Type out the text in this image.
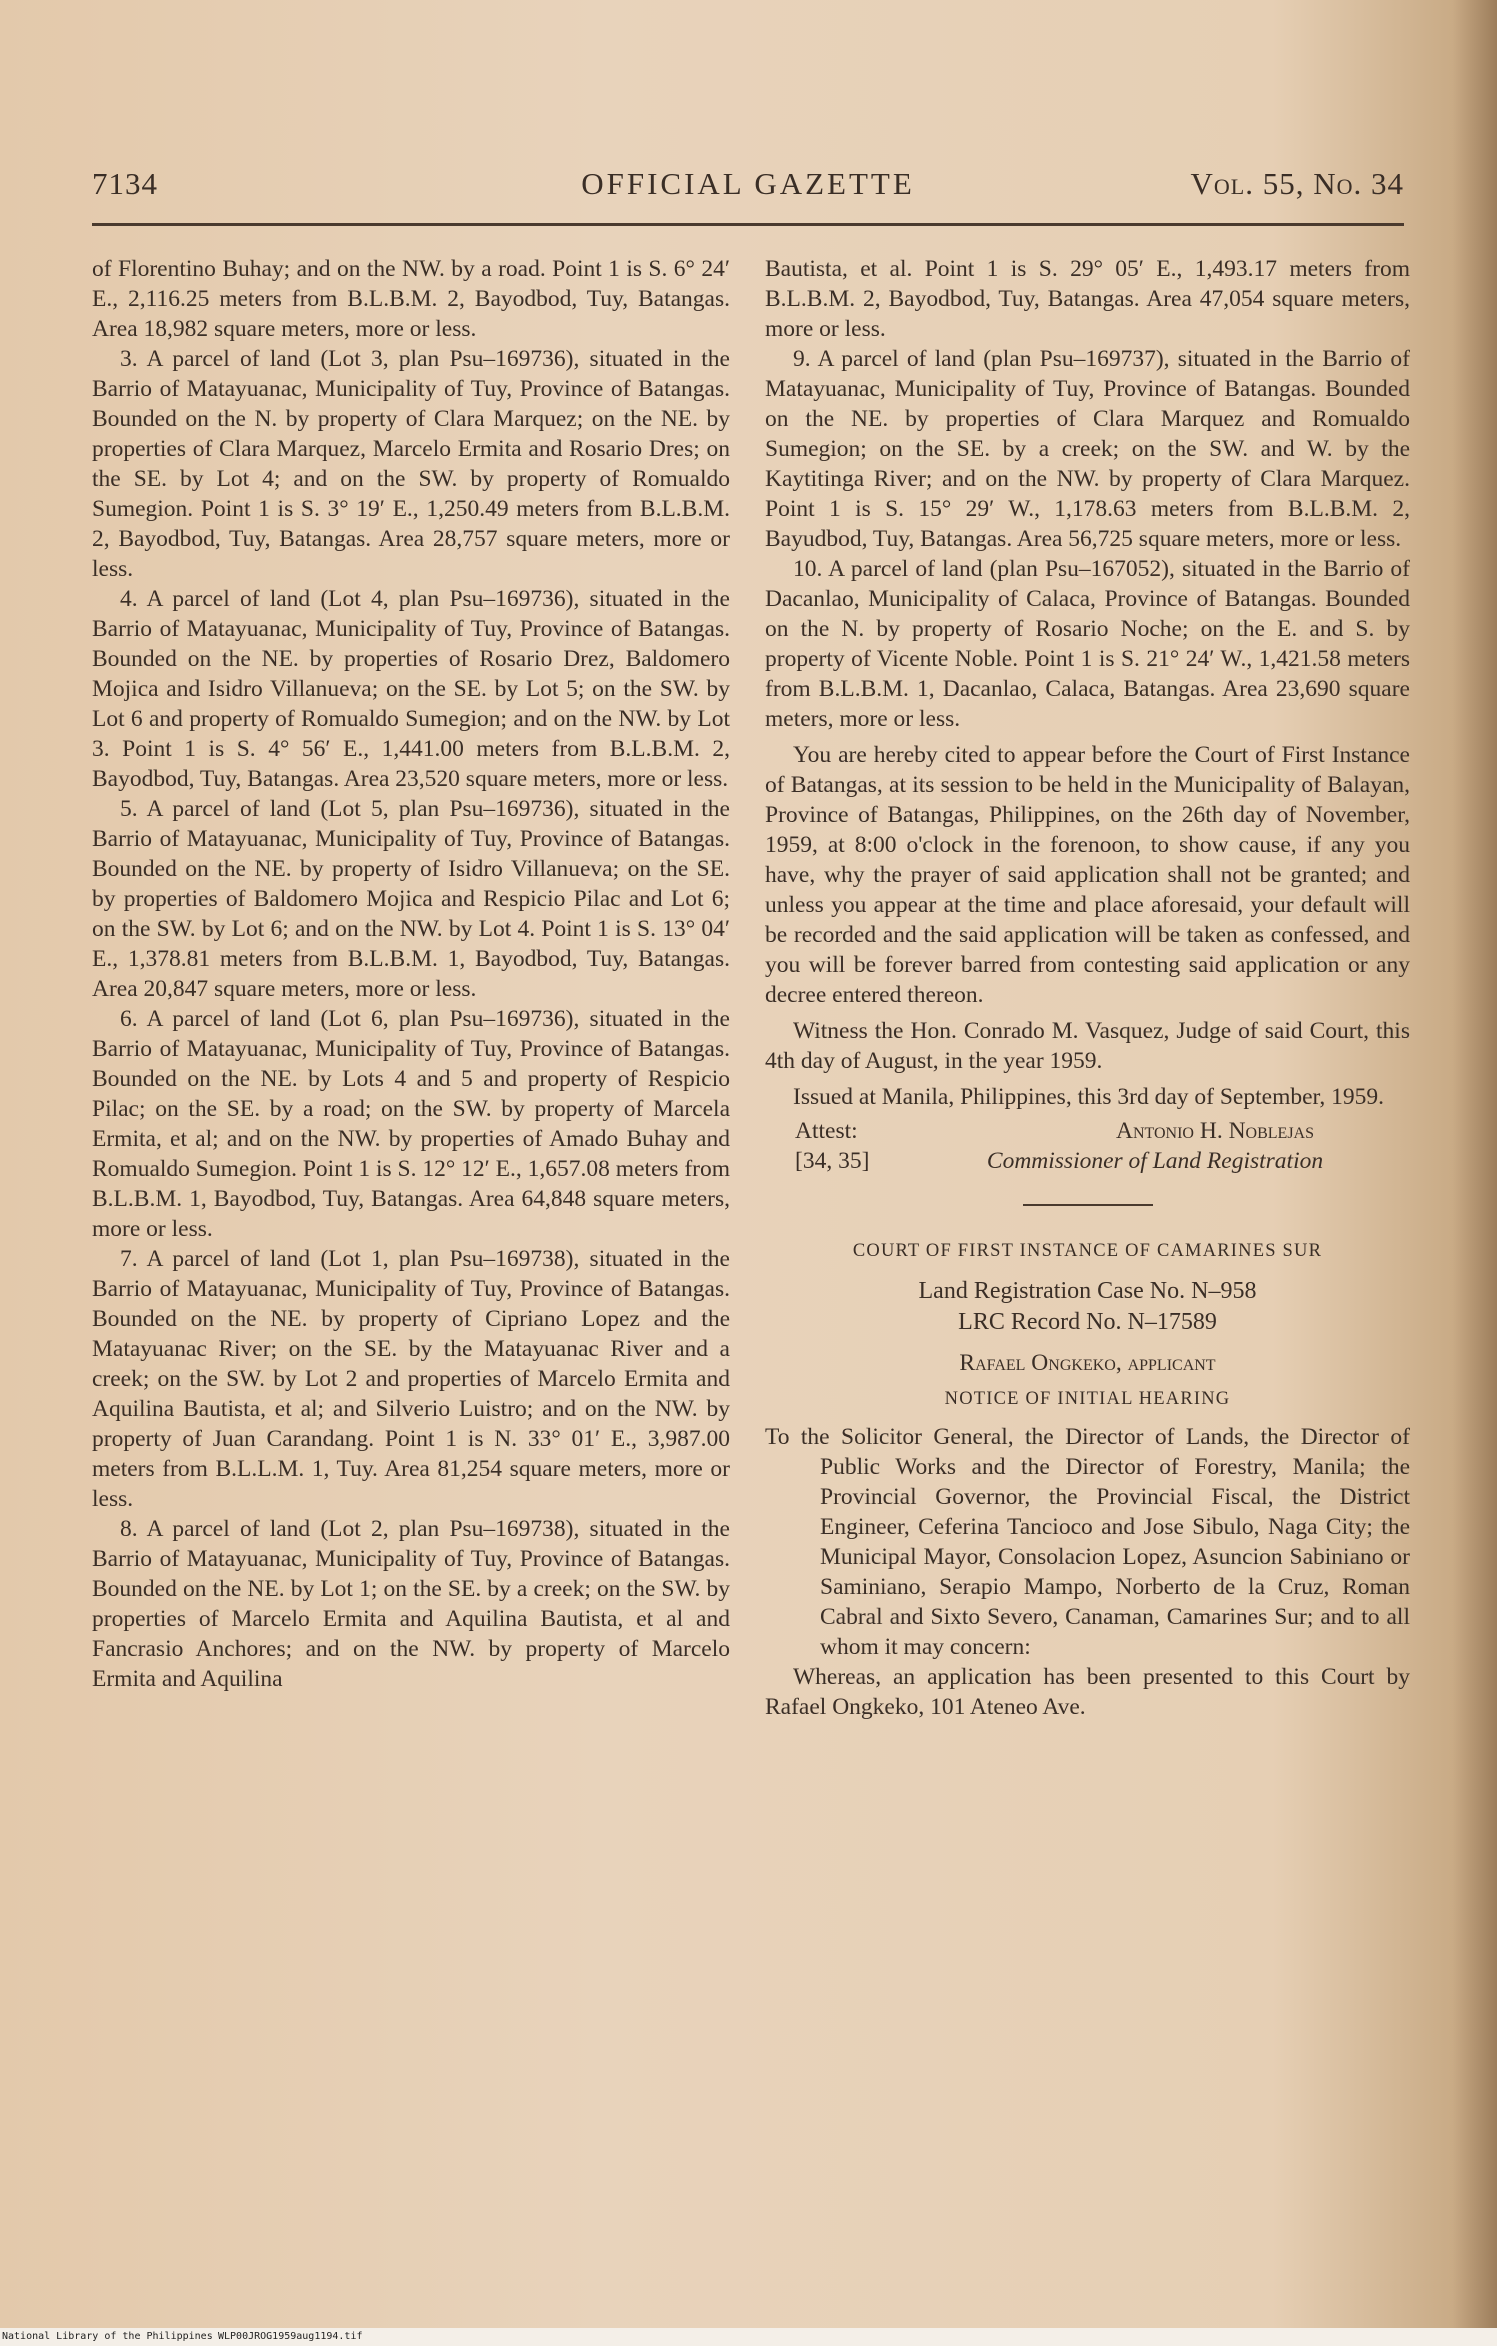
7134	OFFICIAL GAZETTE	Vol. 55, No. 34

of Florentino Buhay; and on the NW. by a road. Point 1 is S. 6° 24′ E., 2,116.25 meters from B.L.B.M. 2, Bayodbod, Tuy, Batangas. Area 18,982 square meters, more or less.

3. A parcel of land (Lot 3, plan Psu–169736), situated in the Barrio of Matayuanac, Municipality of Tuy, Province of Batangas. Bounded on the N. by property of Clara Marquez; on the NE. by properties of Clara Marquez, Marcelo Ermita and Rosario Dres; on the SE. by Lot 4; and on the SW. by property of Romualdo Sumegion. Point 1 is S. 3° 19′ E., 1,250.49 meters from B.L.B.M. 2, Bayodbod, Tuy, Batangas. Area 28,757 square meters, more or less.

4. A parcel of land (Lot 4, plan Psu–169736), situated in the Barrio of Matayuanac, Municipality of Tuy, Province of Batangas. Bounded on the NE. by properties of Rosario Drez, Baldomero Mojica and Isidro Villanueva; on the SE. by Lot 5; on the SW. by Lot 6 and property of Romualdo Sumegion; and on the NW. by Lot 3. Point 1 is S. 4° 56′ E., 1,441.00 meters from B.L.B.M. 2, Bayodbod, Tuy, Batangas. Area 23,520 square meters, more or less.

5. A parcel of land (Lot 5, plan Psu–169736), situated in the Barrio of Matayuanac, Municipality of Tuy, Province of Batangas. Bounded on the NE. by property of Isidro Villanueva; on the SE. by properties of Baldomero Mojica and Respicio Pilac and Lot 6; on the SW. by Lot 6; and on the NW. by Lot 4. Point 1 is S. 13° 04′ E., 1,378.81 meters from B.L.B.M. 1, Bayodbod, Tuy, Batangas. Area 20,847 square meters, more or less.

6. A parcel of land (Lot 6, plan Psu–169736), situated in the Barrio of Matayuanac, Municipality of Tuy, Province of Batangas. Bounded on the NE. by Lots 4 and 5 and property of Respicio Pilac; on the SE. by a road; on the SW. by property of Marcela Ermita, et al; and on the NW. by properties of Amado Buhay and Romualdo Sumegion. Point 1 is S. 12° 12′ E., 1,657.08 meters from B.L.B.M. 1, Bayodbod, Tuy, Batangas. Area 64,848 square meters, more or less.

7. A parcel of land (Lot 1, plan Psu–169738), situated in the Barrio of Matayuanac, Municipality of Tuy, Province of Batangas. Bounded on the NE. by property of Cipriano Lopez and the Matayuanac River; on the SE. by the Matayuanac River and a creek; on the SW. by Lot 2 and properties of Marcelo Ermita and Aquilina Bautista, et al; and Silverio Luistro; and on the NW. by property of Juan Carandang. Point 1 is N. 33° 01′ E., 3,987.00 meters from B.L.L.M. 1, Tuy. Area 81,254 square meters, more or less.

8. A parcel of land (Lot 2, plan Psu–169738), situated in the Barrio of Matayuanac, Municipality of Tuy, Province of Batangas. Bounded on the NE. by Lot 1; on the SE. by a creek; on the SW. by properties of Marcelo Ermita and Aquilina Bautista, et al and Fancrasio Anchores; and on the NW. by property of Marcelo Ermita and Aquilina

Bautista, et al. Point 1 is S. 29° 05′ E., 1,493.17 meters from B.L.B.M. 2, Bayodbod, Tuy, Batangas. Area 47,054 square meters, more or less.

9. A parcel of land (plan Psu–169737), situated in the Barrio of Matayuanac, Municipality of Tuy, Province of Batangas. Bounded on the NE. by properties of Clara Marquez and Romualdo Sumegion; on the SE. by a creek; on the SW. and W. by the Kaytitinga River; and on the NW. by property of Clara Marquez. Point 1 is S. 15° 29′ W., 1,178.63 meters from B.L.B.M. 2, Bayudbod, Tuy, Batangas. Area 56,725 square meters, more or less.

10. A parcel of land (plan Psu–167052), situated in the Barrio of Dacanlao, Municipality of Calaca, Province of Batangas. Bounded on the N. by property of Rosario Noche; on the E. and S. by property of Vicente Noble. Point 1 is S. 21° 24′ W., 1,421.58 meters from B.L.B.M. 1, Dacanlao, Calaca, Batangas. Area 23,690 square meters, more or less.

You are hereby cited to appear before the Court of First Instance of Batangas, at its session to be held in the Municipality of Balayan, Province of Batangas, Philippines, on the 26th day of November, 1959, at 8:00 o'clock in the forenoon, to show cause, if any you have, why the prayer of said application shall not be granted; and unless you appear at the time and place aforesaid, your default will be recorded and the said application will be taken as confessed, and you will be forever barred from contesting said application or any decree entered thereon.

Witness the Hon. Conrado M. Vasquez, Judge of said Court, this 4th day of August, in the year 1959.

Issued at Manila, Philippines, this 3rd day of September, 1959.

Attest:	Antonio H. Noblejas
[34, 35]	Commissioner of Land Registration
COURT OF FIRST INSTANCE OF CAMARINES SUR
Land Registration Case No. N–958
LRC Record No. N–17589
Rafael Ongkeko, applicant
NOTICE OF INITIAL HEARING

To the Solicitor General, the Director of Lands, the Director of Public Works and the Director of Forestry, Manila; the Provincial Governor, the Provincial Fiscal, the District Engineer, Ceferina Tancioco and Jose Sibulo, Naga City; the Municipal Mayor, Consolacion Lopez, Asuncion Sabiniano or Saminiano, Serapio Mampo, Norberto de la Cruz, Roman Cabral and Sixto Severo, Canaman, Camarines Sur; and to all whom it may concern:

Whereas, an application has been presented to this Court by Rafael Ongkeko, 101 Ateneo Ave.

National Library of the Philippines WLP00JROG1959aug1194.tif
